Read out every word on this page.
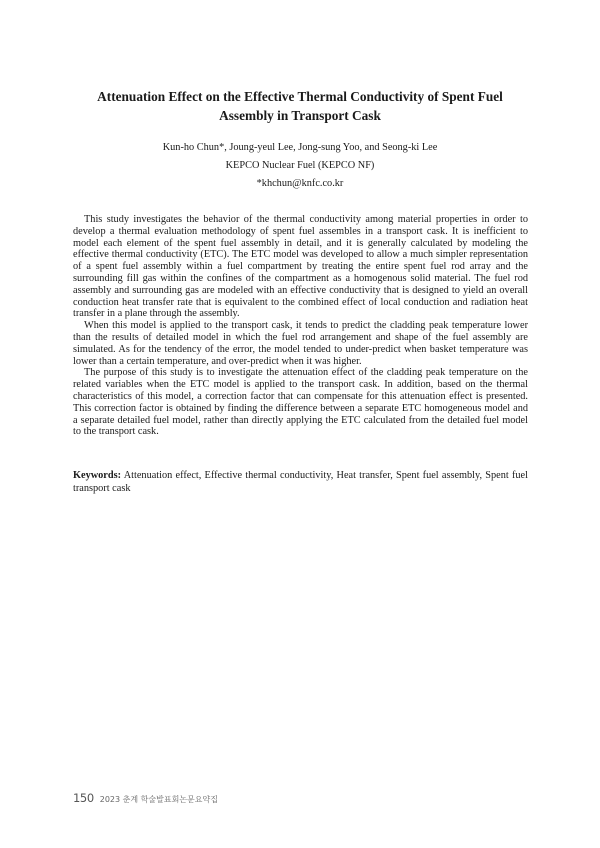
Attenuation Effect on the Effective Thermal Conductivity of Spent Fuel Assembly in Transport Cask
Kun-ho Chun*, Joung-yeul Lee, Jong-sung Yoo, and Seong-ki Lee
KEPCO Nuclear Fuel (KEPCO NF)
*khchun@knfc.co.kr

This study investigates the behavior of the thermal conductivity among material properties in order to develop a thermal evaluation methodology of spent fuel assembles in a transport cask. It is inefficient to model each element of the spent fuel assembly in detail, and it is generally calculated by modeling the effective thermal conductivity (ETC). The ETC model was developed to allow a much simpler representation of a spent fuel assembly within a fuel compartment by treating the entire spent fuel rod array and the surrounding fill gas within the confines of the compartment as a homogenous solid material. The fuel rod assembly and surrounding gas are modeled with an effective conductivity that is designed to yield an overall conduction heat transfer rate that is equivalent to the combined effect of local conduction and radiation heat transfer in a plane through the assembly.

When this model is applied to the transport cask, it tends to predict the cladding peak temperature lower than the results of detailed model in which the fuel rod arrangement and shape of the fuel assembly are simulated. As for the tendency of the error, the model tended to under-predict when basket temperature was lower than a certain temperature, and over-predict when it was higher.

The purpose of this study is to investigate the attenuation effect of the cladding peak temperature on the related variables when the ETC model is applied to the transport cask. In addition, based on the thermal characteristics of this model, a correction factor that can compensate for this attenuation effect is presented. This correction factor is obtained by finding the difference between a separate ETC homogeneous model and a separate detailed fuel model, rather than directly applying the ETC calculated from the detailed fuel model to the transport cask.

Keywords: Attenuation effect, Effective thermal conductivity, Heat transfer, Spent fuel assembly, Spent fuel transport cask
150 2023 춘계 학술발표회논문요약집
